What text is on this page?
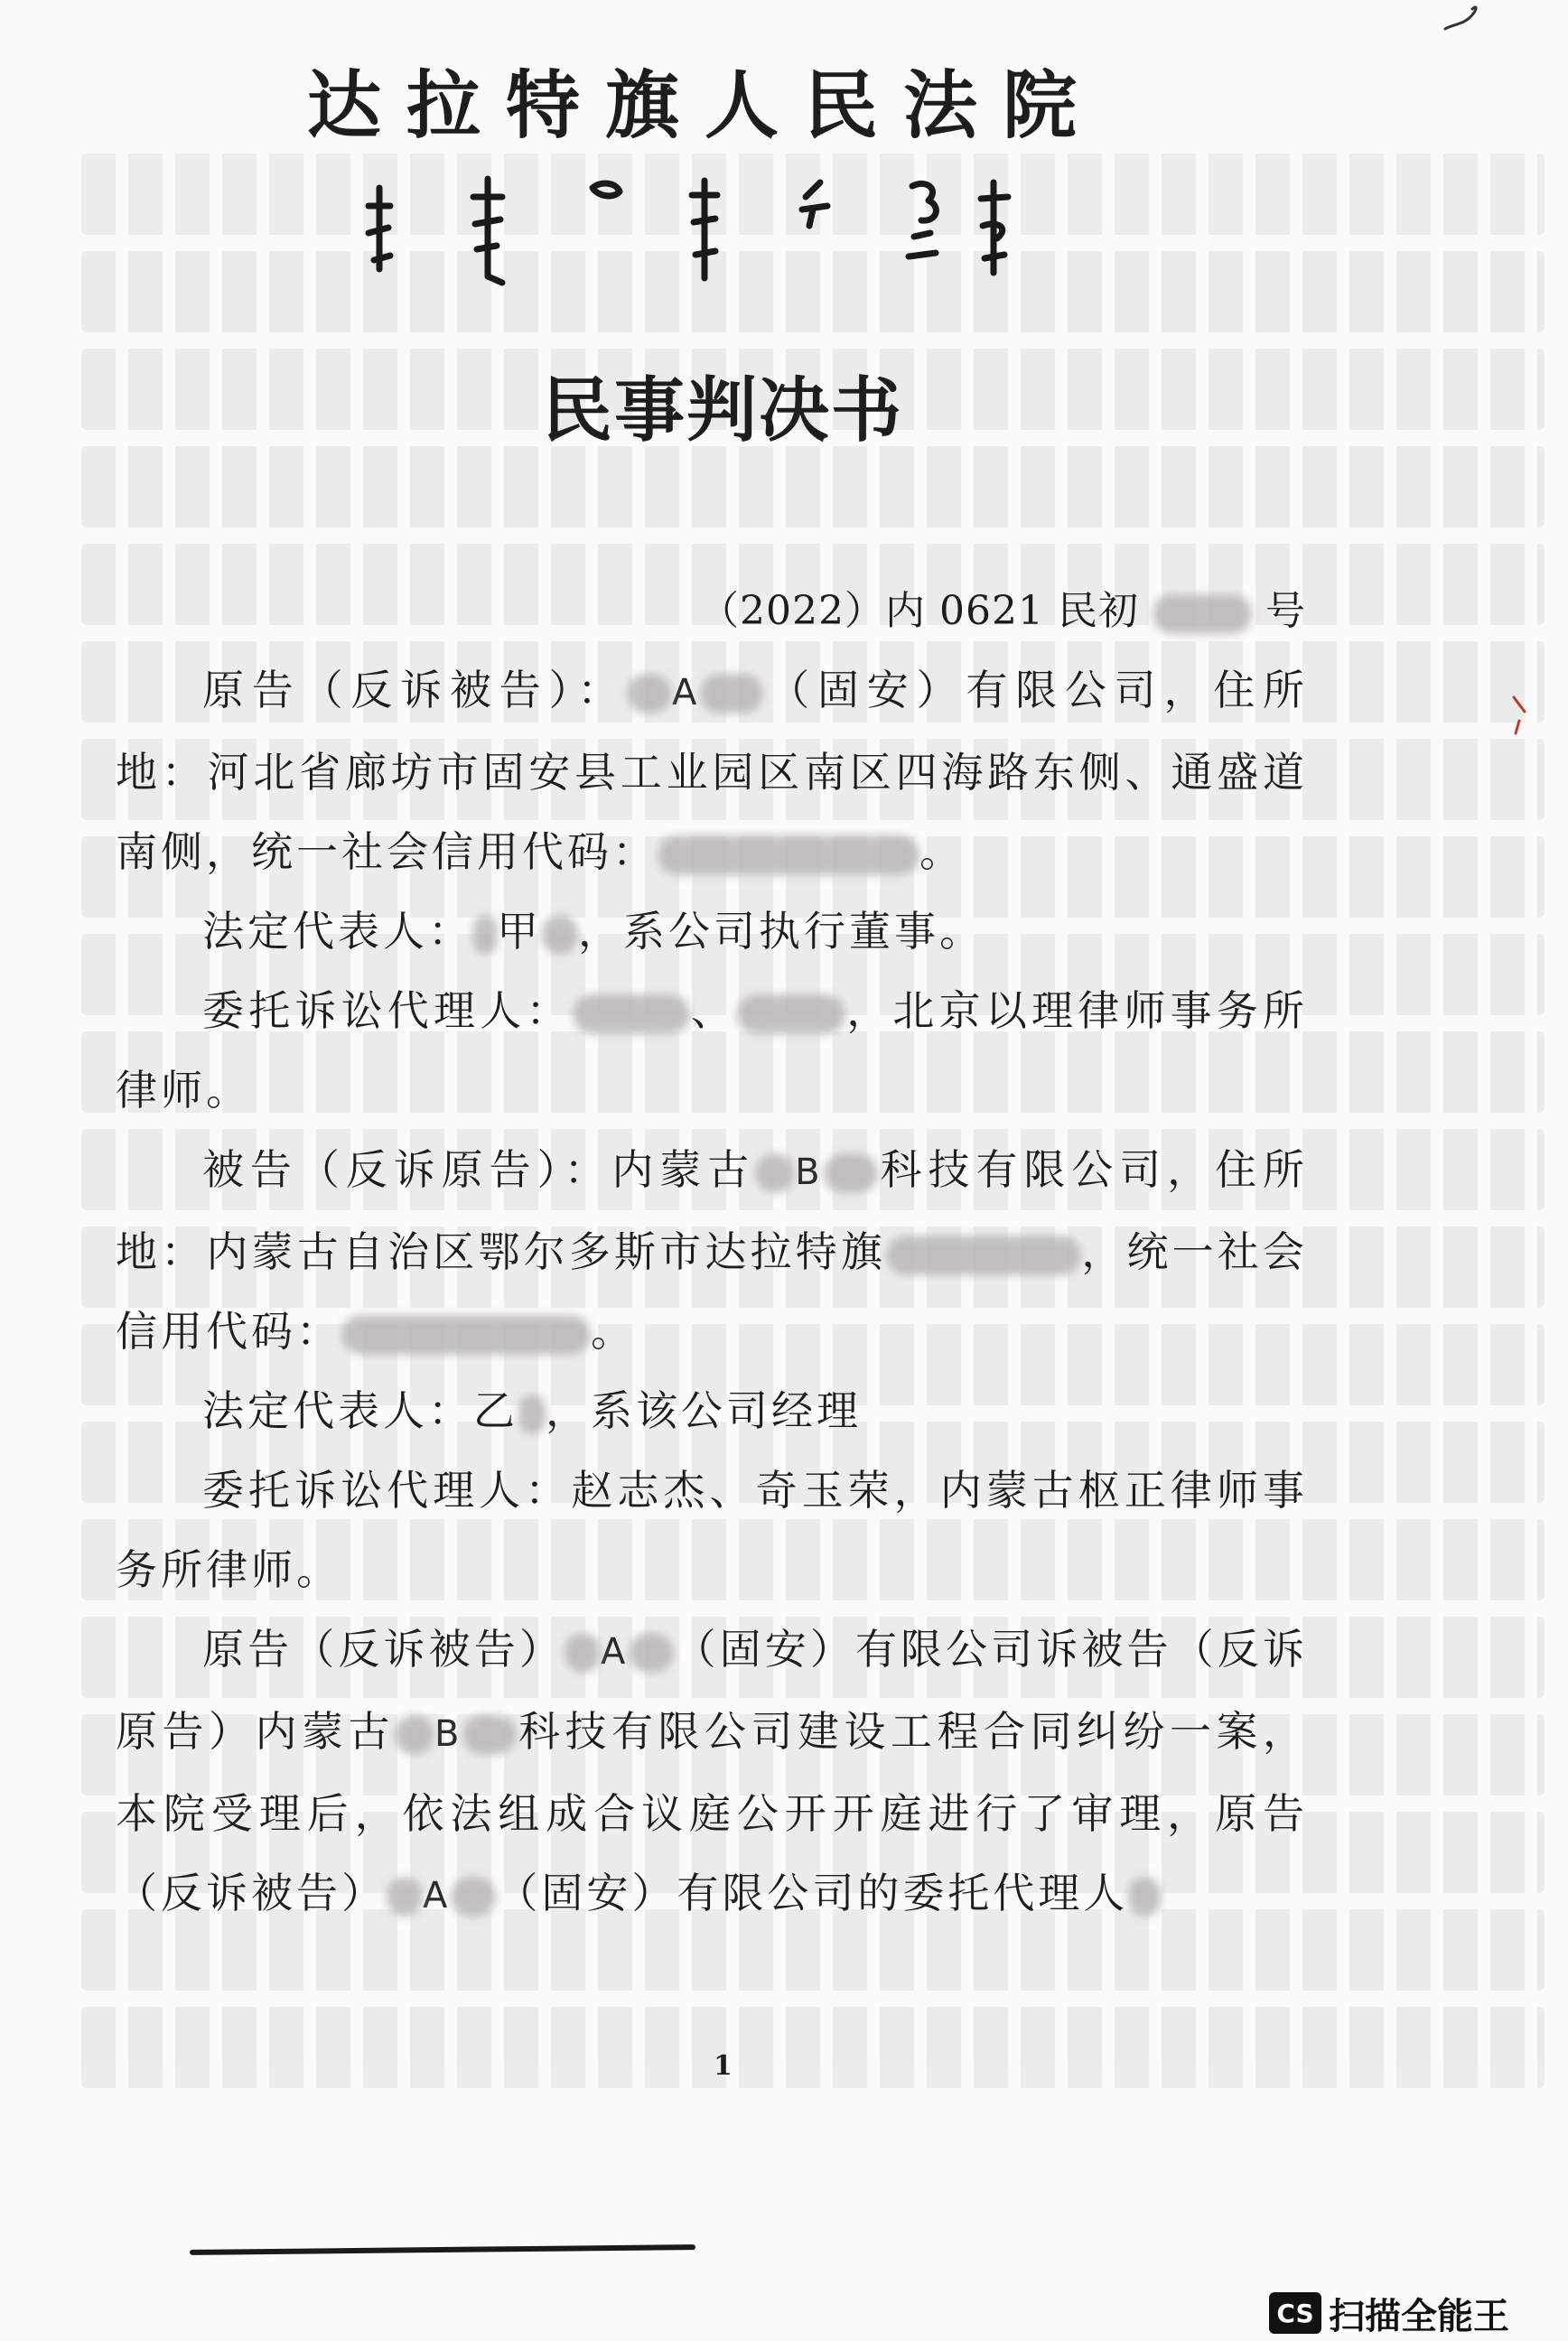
达拉特旗人民法院
民事判决书
（2022）内 0621 民初	号

原告（反诉被告）： A （固安）有限公司，住所地：河北省廊坊市固安县工业园区南区四海路东侧、通盛道南侧，统一社会信用代码：	。

法定代表人： 甲 ，系公司执行董事。

委托诉讼代理人：	、	，北京以理律师事务所律师。

被告（反诉原告）：内蒙古 B 科技有限公司，住所地：内蒙古自治区鄂尔多斯市达拉特旗	，统一社会信用代码：	。

法定代表人：乙 ，系该公司经理

委托诉讼代理人：赵志杰、奇玉荣，内蒙古枢正律师事务所律师。

原告（反诉被告） A （固安）有限公司诉被告（反诉原告）内蒙古 B 科技有限公司建设工程合同纠纷一案，本院受理后，依法组成合议庭公开开庭进行了审理，原告（反诉被告） A （固安）有限公司的委托代理人

1
CS 扫描全能王
